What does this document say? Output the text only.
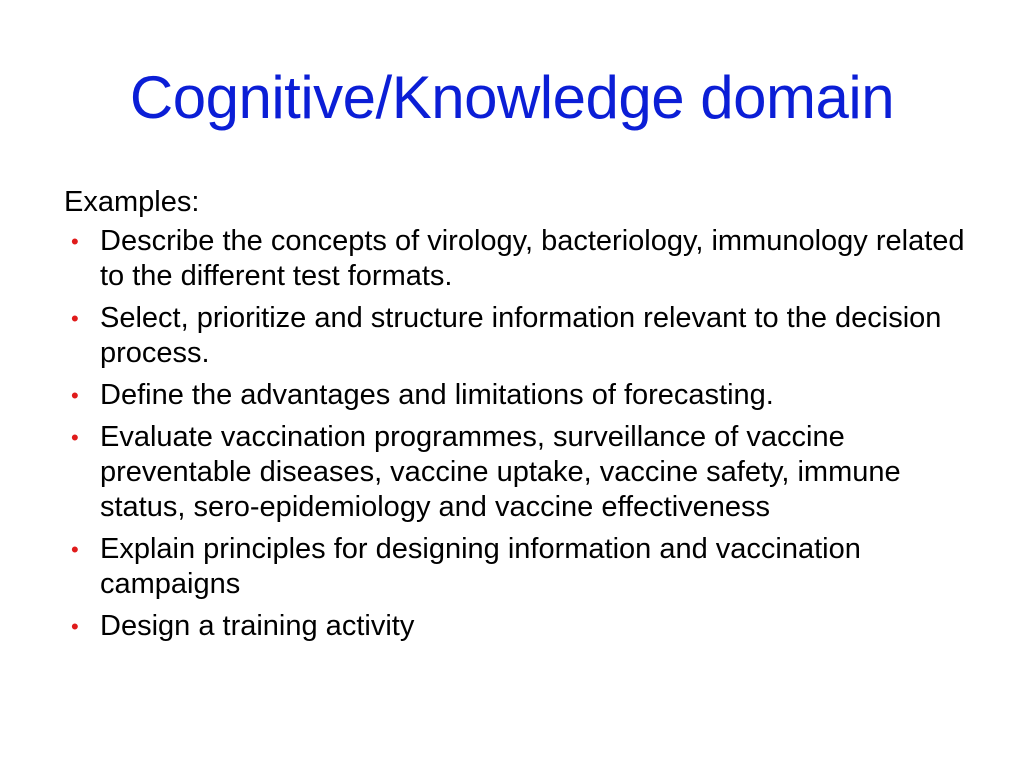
Cognitive/Knowledge domain

Examples:

• Describe the concepts of virology, bacteriology, immunology related to the different test formats.
• Select, prioritize and structure information relevant to the decision process.
• Define the advantages and limitations of forecasting.
• Evaluate vaccination programmes, surveillance of vaccine preventable diseases, vaccine uptake, vaccine safety, immune status, sero-epidemiology and vaccine effectiveness
• Explain principles for designing information and vaccination campaigns
• Design a training activity
